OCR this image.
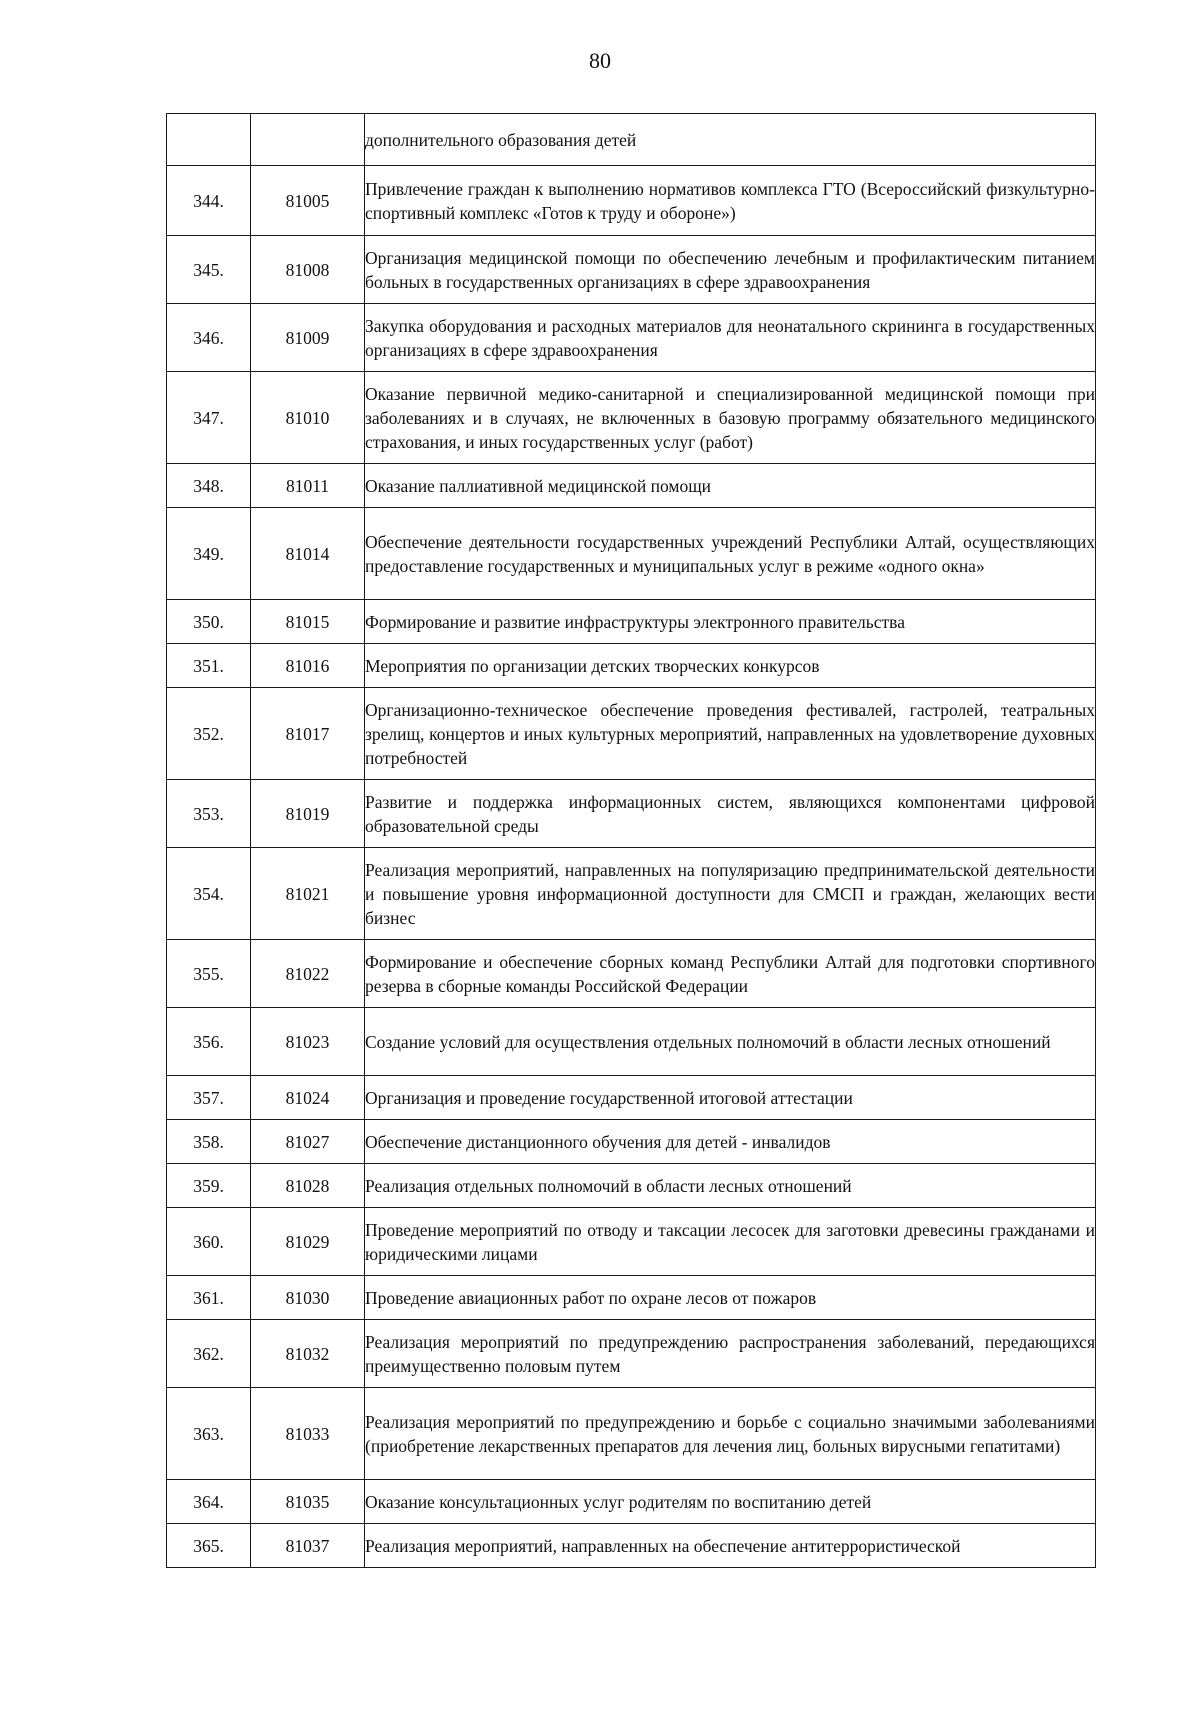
80

		дополнительного образования детей

344.	81005	Привлечение граждан к выполнению нормативов комплекса ГТО (Всероссийский физкультурно-спортивный комплекс «Готов к труду и обороне»)

345.	81008	Организация медицинской помощи по обеспечению лечебным и профилактическим питанием больных в государственных организациях в сфере здравоохранения

346.	81009	Закупка оборудования и расходных материалов для неонатального скрининга в государственных организациях в сфере здравоохранения

347.	81010	Оказание первичной медико-санитарной и специализированной медицинской помощи при заболеваниях и в случаях, не включенных в базовую программу обязательного медицинского страхования, и иных государственных услуг (работ)

348.	81011	Оказание паллиативной медицинской помощи

349.	81014	Обеспечение деятельности государственных учреждений Республики Алтай, осуществляющих предоставление государственных и муниципальных услуг в режиме «одного окна»

350.	81015	Формирование и развитие инфраструктуры электронного правительства

351.	81016	Мероприятия по организации детских творческих конкурсов

352.	81017	Организационно-техническое обеспечение проведения фестивалей, гастролей, театральных зрелищ, концертов и иных культурных мероприятий, направленных на удовлетворение духовных потребностей

353.	81019	Развитие и поддержка информационных систем, являющихся компонентами цифровой образовательной среды

354.	81021	Реализация мероприятий, направленных на популяризацию предпринимательской деятельности и повышение уровня информационной доступности для СМСП и граждан, желающих вести бизнес

355.	81022	Формирование и обеспечение сборных команд Республики Алтай для подготовки спортивного резерва в сборные команды Российской Федерации

356.	81023	Создание условий для осуществления отдельных полномочий в области лесных отношений

357.	81024	Организация и проведение государственной итоговой аттестации

358.	81027	Обеспечение дистанционного обучения для детей - инвалидов

359.	81028	Реализация отдельных полномочий в области лесных отношений

360.	81029	Проведение мероприятий по отводу и таксации лесосек для заготовки древесины гражданами и юридическими лицами

361.	81030	Проведение авиационных работ по охране лесов от пожаров

362.	81032	Реализация мероприятий по предупреждению распространения заболеваний, передающихся преимущественно половым путем

363.	81033	Реализация мероприятий по предупреждению и борьбе с социально значимыми заболеваниями (приобретение лекарственных препаратов для лечения лиц, больных вирусными гепатитами)

364.	81035	Оказание консультационных услуг родителям по воспитанию детей

365.	81037	Реализация мероприятий, направленных на обеспечение антитеррористической
